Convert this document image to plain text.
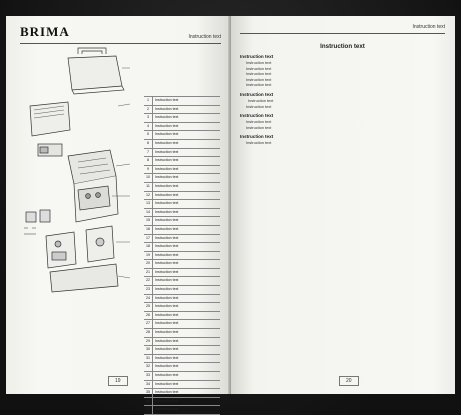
BRIMA	Instruction text
1	Instruction text
2	Instruction text
3	Instruction text
4	Instruction text
5	Instruction text
6	Instruction text
7	Instruction text
8	Instruction text
9	Instruction text
10	Instruction text
11	Instruction text
12	Instruction text
13	Instruction text
14	Instruction text
15	Instruction text
16	Instruction text
17	Instruction text
18	Instruction text
19	Instruction text
20	Instruction text
21	Instruction text
22	Instruction text
23	Instruction text
24	Instruction text
25	Instruction text
26	Instruction text
27	Instruction text
28	Instruction text
29	Instruction text
30	Instruction text
31	Instruction text
32	Instruction text
33	Instruction text
34	Instruction text
35	Instruction text
36	Instruction text
37	Instruction text
19
Instruction text
Instruction text

Instruction text

Instruction text

Instruction text

Instruction text

Instruction text

Instruction text

Instruction text

Instruction text

Instruction text

Instruction text

Instruction text

Instruction text

Instruction text

Instruction text

20
